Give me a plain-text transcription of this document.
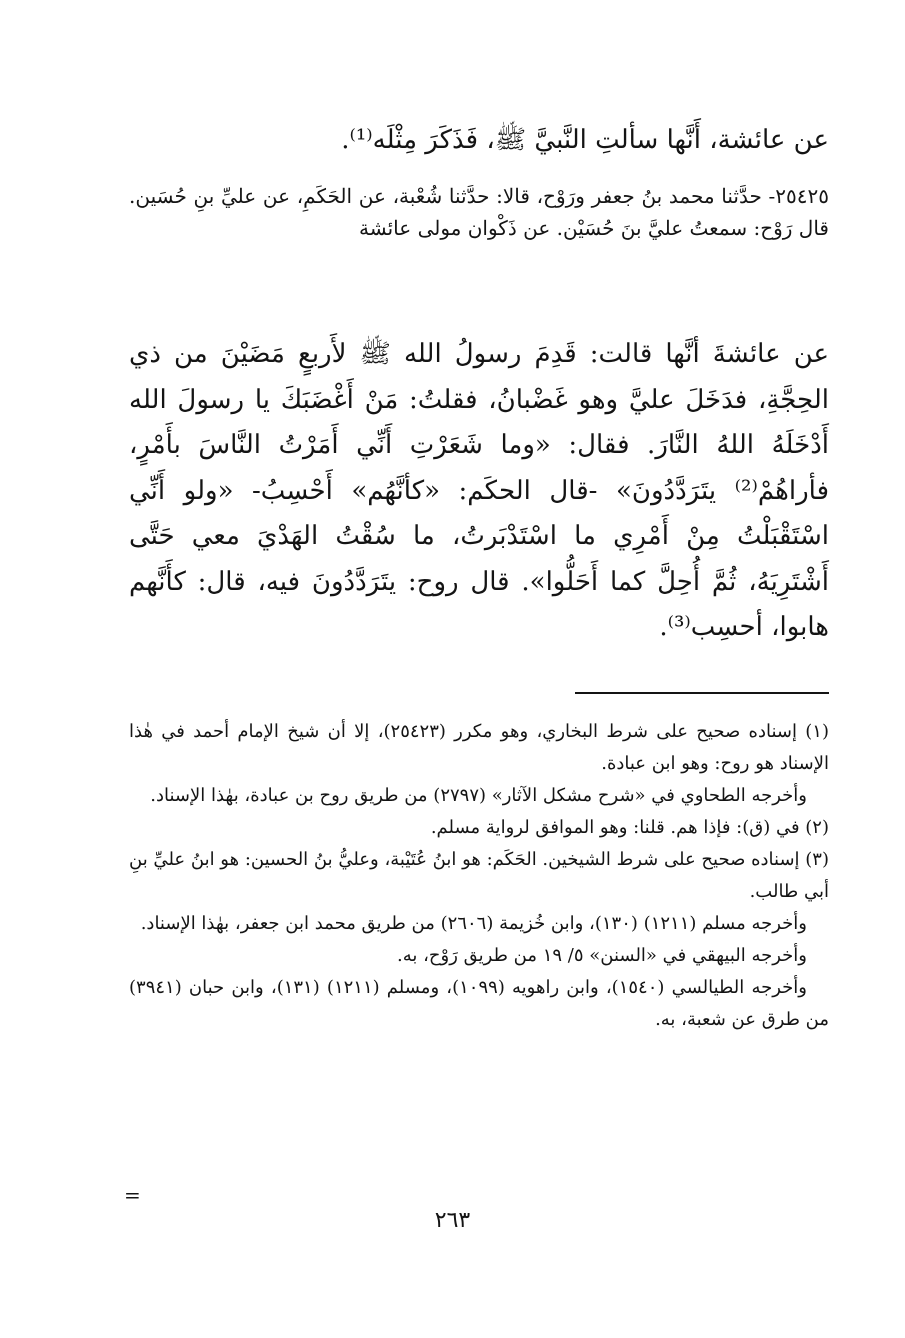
عن عائشة، أَنَّها سألتِ النَّبيَّ ﷺ، فَذَكَرَ مِثْلَه⁽¹⁾.

٢٥٤٢٥- حدَّثنا محمد بنُ جعفر ورَوْح، قالا: حدَّثنا شُعْبة، عن الحَكَمِ، عن عليِّ بنِ حُسَين. قال رَوْح: سمعتُ عليَّ بنَ حُسَيْن. عن ذَكْوان مولى عائشة

عن عائشةَ أنَّها قالت: قَدِمَ رسولُ الله ﷺ لأَربعٍ مَضَيْنَ من ذي الحِجَّةِ، فدَخَلَ عليَّ وهو غَضْبانُ، فقلتُ: مَنْ أَغْضَبَكَ يا رسولَ الله أَدْخَلَهُ اللهُ النَّارَ. فقال: «وما شَعَرْتِ أَنِّي أَمَرْتُ النَّاسَ بأَمْرٍ، فأراهُمْ⁽²⁾ يتَرَدَّدُونَ» -قال الحكَم: «كأنَّهُم» أَحْسِبُ- «ولو أَنِّي اسْتَقْبَلْتُ مِنْ أَمْرِي ما اسْتَدْبَرتُ، ما سُقْتُ الهَدْيَ معي حَتَّى أَشْتَرِيَهُ، ثُمَّ أُحِلَّ كما أَحَلُّوا». قال روح: يتَرَدَّدُونَ فيه، قال: كأَنَّهم هابوا، أحسِب⁽³⁾.

(١) إسناده صحيح على شرط البخاري، وهو مكرر (٢٥٤٢٣)، إلا أن شيخ الإمام أحمد في هٰذا الإسناد هو روح: وهو ابن عبادة.

وأخرجه الطحاوي في «شرح مشكل الآثار» (٢٧٩٧) من طريق روح بن عبادة، بهٰذا الإسناد.

(٢) في (ق): فإذا هم. قلنا: وهو الموافق لرواية مسلم.

(٣) إسناده صحيح على شرط الشيخين. الحَكَم: هو ابنُ عُتَيْبة، وعليُّ بنُ الحسين: هو ابنُ عليِّ بنِ أبي طالب.

وأخرجه مسلم (١٢١١) (١٣٠)، وابن خُزيمة (٢٦٠٦) من طريق محمد ابن جعفر، بهٰذا الإسناد.

وأخرجه البيهقي في «السنن» ٥/ ١٩ من طريق رَوْح، به.

وأخرجه الطيالسي (١٥٤٠)، وابن راهويه (١٠٩٩)، ومسلم (١٢١١) (١٣١)، وابن حبان (٣٩٤١) من طرق عن شعبة، به.

=
٢٦٣
